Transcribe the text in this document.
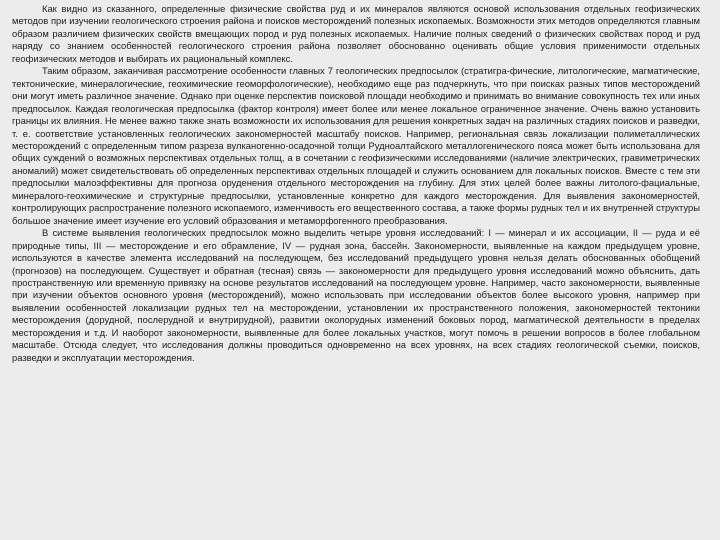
Как видно из сказанного, определенные физические свойства руд и их минералов являются основой использования отдельных геофизических методов при изучении геологического строения района и поисков месторождений полезных ископаемых. Возможности этих методов определяются главным образом различием физических свойств вмещающих пород и руд полезных ископаемых. Наличие полных сведений о физических свойствах пород и руд наряду со знанием особенностей геологического строения района позволяет обоснованно оценивать общие условия применимости отдельных геофизических методов и выбирать их рациональный комплекс.

Таким образом, заканчивая рассмотрение особенности главных 7 геологических предпосылок (стратигра-фические, литологические, магматические, тектонические, минералогические, геохимические геоморфологические), необходимо еще раз подчеркнуть, что при поисках разных типов месторождений они могут иметь различное значение. Однако при оценке перспектив поисковой площади необходимо и принимать во внимание совокупность тех или иных предпосылок. Каждая геологическая предпосылка (фактор контроля) имеет более или менее локальное ограниченное значение. Очень важно установить границы их влияния. Не менее важно также знать возможности их использования для решения конкретных задач на различных стадиях поисков и разведки, т. е. соответствие установленных геологических закономерностей масштабу поисков. Например, региональная связь локализации полиметаллических месторождений с определенным типом разреза вулканогенно-осадочной толщи Рудноалтайского металлогенического пояса может быть использована для общих суждений о возможных перспективах отдельных толщ, а в сочетании с геофизическими исследованиями (наличие электрических, гравиметрических аномалий) может свидетельствовать об определенных перспективах отдельных площадей и служить основанием для локальных поисков. Вместе с тем эти предпосылки малоэффективны для прогноза оруденения отдельного месторождения на глубину. Для этих целей более важны литолого-фациальные, минералого-геохимические и структурные предпосылки, установленные конкретно для каждого месторождения. Для выявления закономерностей, контролирующих распространение полезного ископаемого, изменчивость его вещественного состава, а также формы рудных тел и их внутренней структуры большое значение имеет изучение его условий образования и метаморфогенного преобразования.

В системе выявления геологических предпосылок можно выделить четыре уровня исследований: I — минерал и их ассоциации, II — руда и её природные типы, III — месторождение и его обрамление, IV — рудная зона, бассейн. Закономерности, выявленные на каждом предыдущем уровне, используются в качестве элемента исследований на последующем, без исследований предыдущего уровня нельзя делать обоснованных обобщений (прогнозов) на последующем. Существует и обратная (тесная) связь — закономерности для предыдущего уровня исследований можно объяснить, дать пространственную или временную привязку на основе результатов исследований на последующем уровне. Например, часто закономерности, выявленные при изучении объектов основного уровня (месторождений), можно использовать при исследовании объектов более высокого уровня, например при выявлении особенностей локализации рудных тел на месторождении, установлении их пространственного положения, закономерностей тектоники месторождения (дорудной, послерудной и внутрирудной), развитии околорудных изменений боковых пород, магматической деятельности в пределах месторождения и т.д. И наоборот закономерности, выявленные для более локальных участков, могут помочь в решении вопросов в более глобальном масштабе. Отсюда следует, что исследования должны проводиться одновременно на всех уровнях, на всех стадиях геологической съемки, поисков, разведки и эксплуатации месторождения.
